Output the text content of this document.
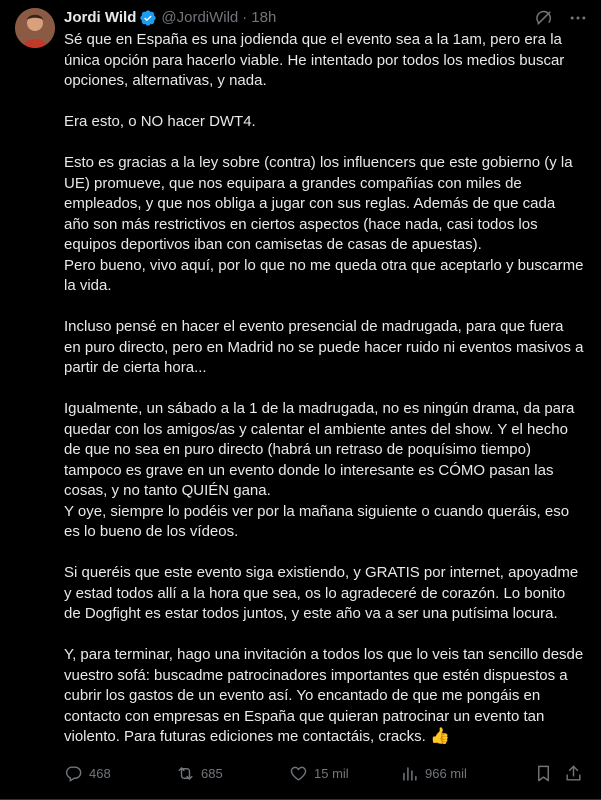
Jordi Wild @JordiWild · 18h

Sé que en España es una jodienda que el evento sea a la 1am, pero era la única opción para hacerlo viable. He intentado por todos los medios buscar opciones, alternativas, y nada.

Era esto, o NO hacer DWT4.

Esto es gracias a la ley sobre (contra) los influencers que este gobierno (y la UE) promueve, que nos equipara a grandes compañías con miles de empleados, y que nos obliga a jugar con sus reglas. Además de que cada año son más restrictivos en ciertos aspectos (hace nada, casi todos los equipos deportivos iban con camisetas de casas de apuestas).
Pero bueno, vivo aquí, por lo que no me queda otra que aceptarlo y buscarme la vida.

Incluso pensé en hacer el evento presencial de madrugada, para que fuera en puro directo, pero en Madrid no se puede hacer ruido ni eventos masivos a partir de cierta hora...

Igualmente, un sábado a la 1 de la madrugada, no es ningún drama, da para quedar con los amigos/as y calentar el ambiente antes del show. Y el hecho de que no sea en puro directo (habrá un retraso de poquísimo tiempo) tampoco es grave en un evento donde lo interesante es CÓMO pasan las cosas, y no tanto QUIÉN gana.
Y oye, siempre lo podéis ver por la mañana siguiente o cuando queráis, eso es lo bueno de los vídeos.

Si queréis que este evento siga existiendo, y GRATIS por internet, apoyadme y estad todos allí a la hora que sea, os lo agradeceré de corazón. Lo bonito de Dogfight es estar todos juntos, y este año va a ser una putísima locura.

Y, para terminar, hago una invitación a todos los que lo veis tan sencillo desde vuestro sofá: buscadme patrocinadores importantes que estén dispuestos a cubrir los gastos de un evento así. Yo encantado de que me pongáis en contacto con empresas en España que quieran patrocinar un evento tan violento. Para futuras ediciones me contactáis, cracks. 👍

468	685	15 mil	966 mil
